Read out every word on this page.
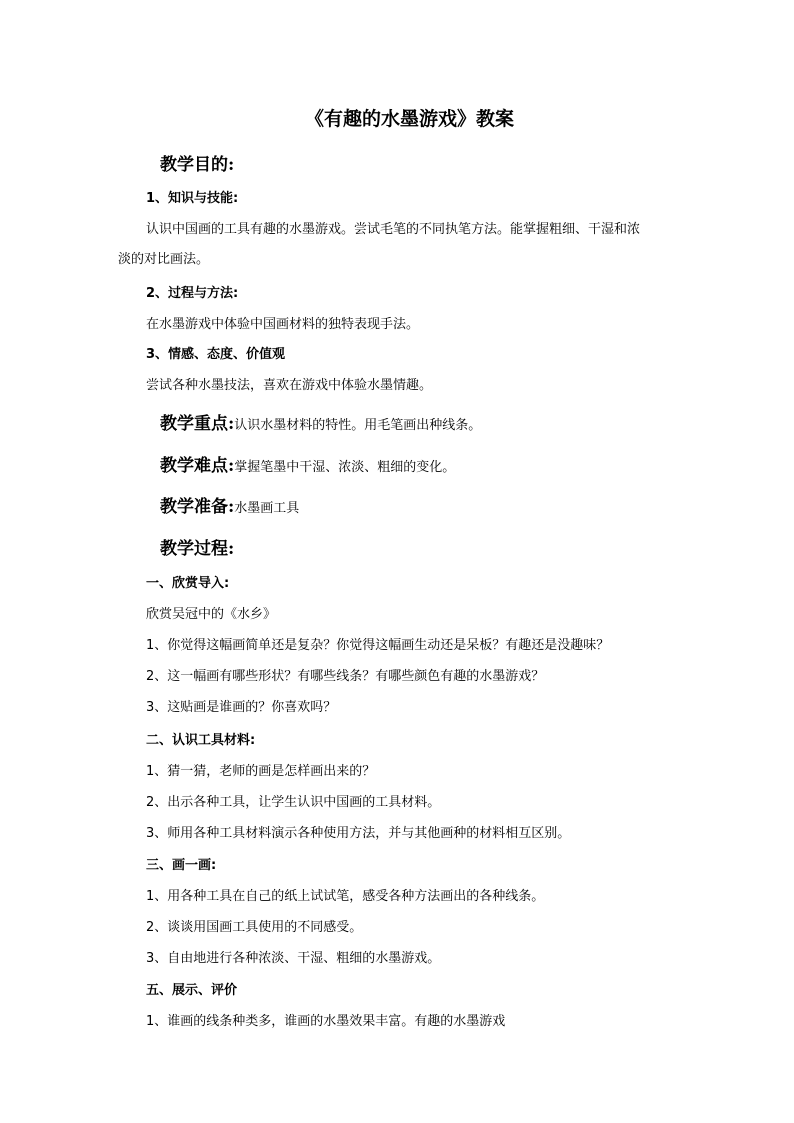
《有趣的水墨游戏》教案
教学目的:
1、知识与技能:
认识中国画的工具有趣的水墨游戏。尝试毛笔的不同执笔方法。能掌握粗细、干湿和浓
淡的对比画法。
2、过程与方法:
在水墨游戏中体验中国画材料的独特表现手法。
3、情感、态度、价值观
尝试各种水墨技法，喜欢在游戏中体验水墨情趣。
教学重点:认识水墨材料的特性。用毛笔画出种线条。
教学难点:掌握笔墨中干湿、浓淡、粗细的变化。
教学准备:水墨画工具
教学过程:
一、欣赏导入:
欣赏吴冠中的《水乡》
1、你觉得这幅画简单还是复杂？你觉得这幅画生动还是呆板？有趣还是没趣味？
2、这一幅画有哪些形状？有哪些线条？有哪些颜色有趣的水墨游戏？
3、这贴画是谁画的？你喜欢吗？
二、认识工具材料:
1、猜一猜，老师的画是怎样画出来的？
2、出示各种工具，让学生认识中国画的工具材料。
3、师用各种工具材料演示各种使用方法，并与其他画种的材料相互区别。
三、画一画:
1、用各种工具在自己的纸上试试笔，感受各种方法画出的各种线条。
2、谈谈用国画工具使用的不同感受。
3、自由地进行各种浓淡、干湿、粗细的水墨游戏。
五、展示、评价
1、谁画的线条种类多，谁画的水墨效果丰富。有趣的水墨游戏
